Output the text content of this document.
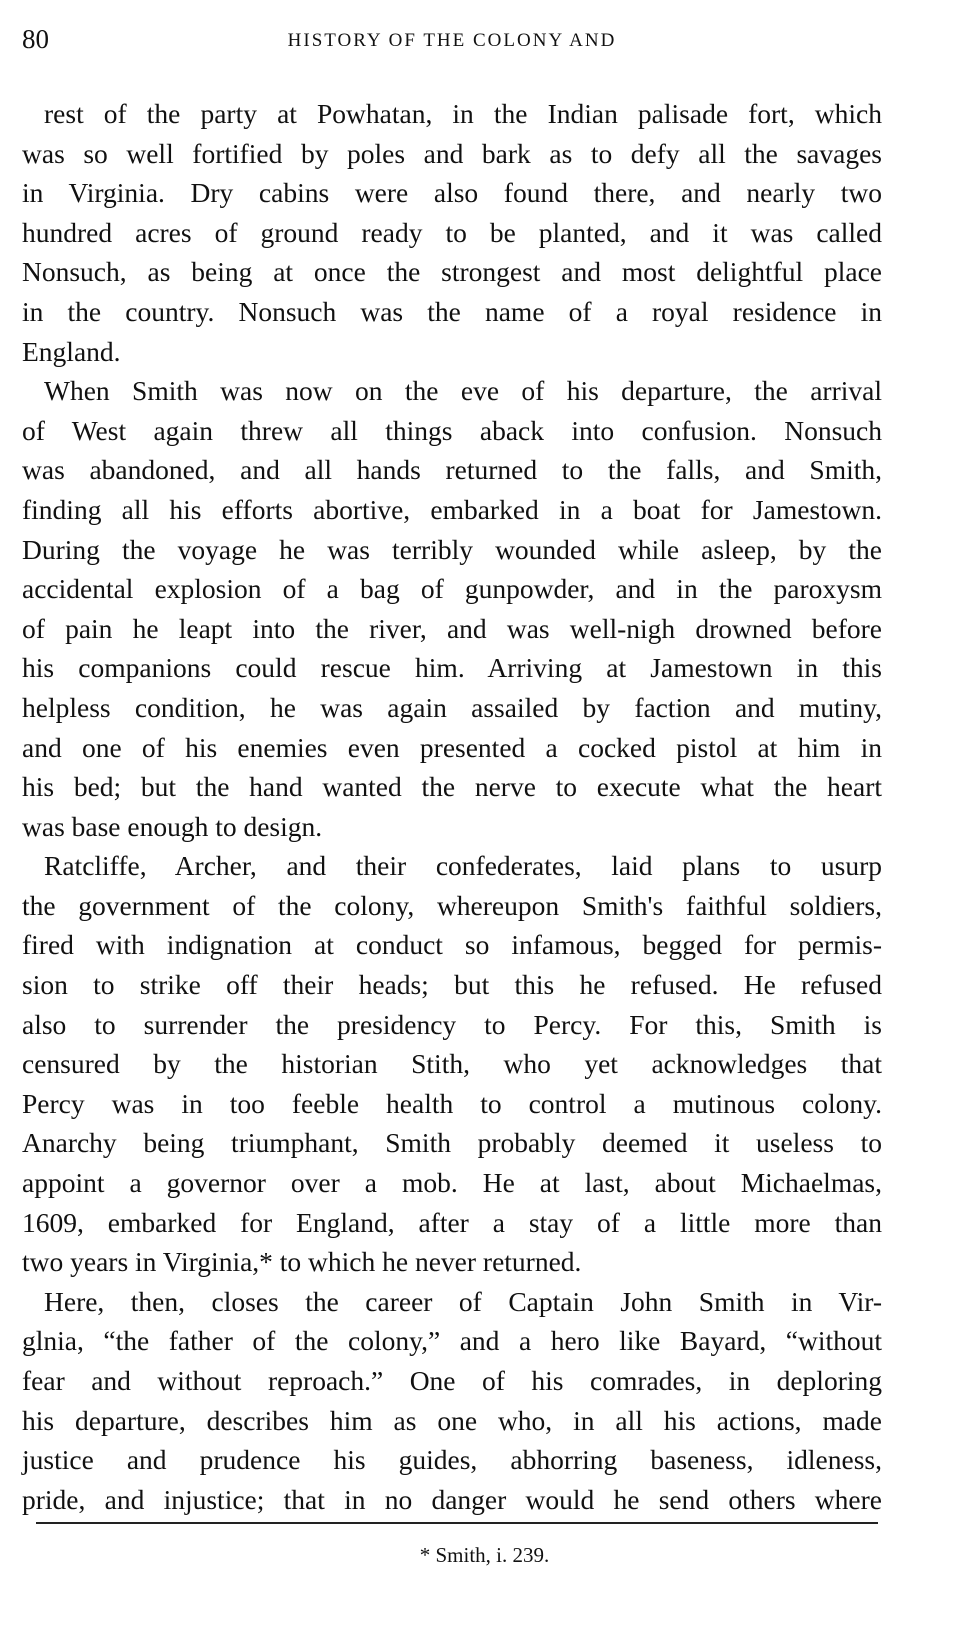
80	HISTORY OF THE COLONY AND
rest of the party at Powhatan, in the Indian palisade fort, which
was so well fortified by poles and bark as to defy all the savages
in Virginia. Dry cabins were also found there, and nearly two
hundred acres of ground ready to be planted, and it was called
Nonsuch, as being at once the strongest and most delightful place
in the country. Nonsuch was the name of a royal residence in
England.
When Smith was now on the eve of his departure, the arrival
of West again threw all things aback into confusion. Nonsuch
was abandoned, and all hands returned to the falls, and Smith,
finding all his efforts abortive, embarked in a boat for Jamestown.
During the voyage he was terribly wounded while asleep, by the
accidental explosion of a bag of gunpowder, and in the paroxysm
of pain he leapt into the river, and was well-nigh drowned before
his companions could rescue him. Arriving at Jamestown in this
helpless condition, he was again assailed by faction and mutiny,
and one of his enemies even presented a cocked pistol at him in
his bed; but the hand wanted the nerve to execute what the heart
was base enough to design.
Ratcliffe, Archer, and their confederates, laid plans to usurp
the government of the colony, whereupon Smith's faithful soldiers,
fired with indignation at conduct so infamous, begged for permis-
sion to strike off their heads; but this he refused. He refused
also to surrender the presidency to Percy. For this, Smith is
censured by the historian Stith, who yet acknowledges that
Percy was in too feeble health to control a mutinous colony.
Anarchy being triumphant, Smith probably deemed it useless to
appoint a governor over a mob. He at last, about Michaelmas,
1609, embarked for England, after a stay of a little more than
two years in Virginia,* to which he never returned.
Here, then, closes the career of Captain John Smith in Vir-
glnia, “the father of the colony,” and a hero like Bayard, “without
fear and without reproach.” One of his comrades, in deploring
his departure, describes him as one who, in all his actions, made
justice and prudence his guides, abhorring baseness, idleness,
pride, and injustice; that in no danger would he send others where
* Smith, i. 239.
